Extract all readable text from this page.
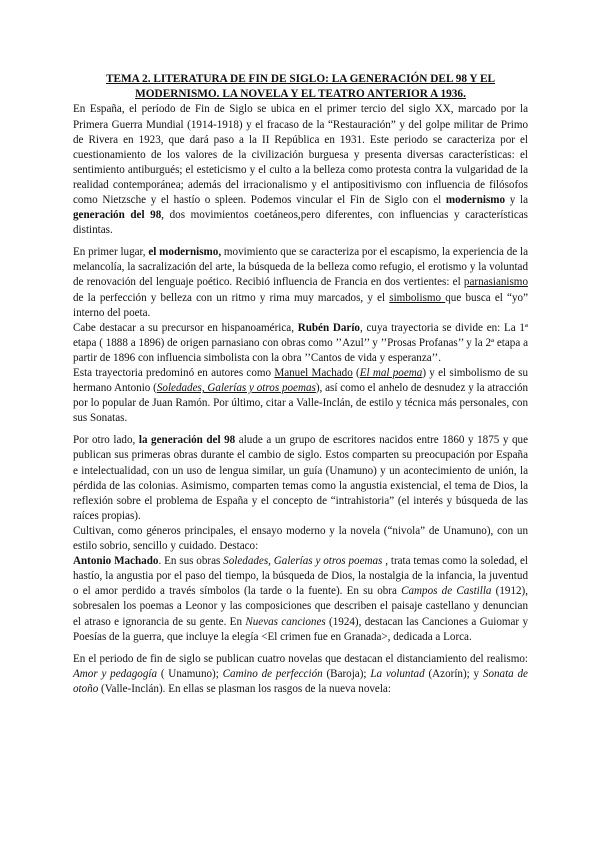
TEMA 2. LITERATURA DE FIN DE SIGLO: LA GENERACIÓN DEL 98 Y EL
MODERNISMO. LA NOVELA Y EL TEATRO ANTERIOR A 1936.

En España, el período de Fin de Siglo se ubica en el primer tercio del siglo XX, marcado por la Primera Guerra Mundial (1914-1918) y el fracaso de la “Restauración” y del golpe militar de Primo de Rivera en 1923, que dará paso a la II República en 1931. Este periodo se caracteriza por el cuestionamiento de los valores de la civilización burguesa y presenta diversas características: el sentimiento antiburgués; el esteticismo y el culto a la belleza como protesta contra la vulgaridad de la realidad contemporánea; además del irracionalismo y el antipositivismo con influencia de filósofos como Nietzsche y el hastío o spleen. Podemos vincular el Fin de Siglo con el modernismo y la generación del 98, dos movimientos coetáneos,pero diferentes, con influencias y características distintas.

En primer lugar, el modernismo, movimiento que se caracteriza por el escapismo, la experiencia de la melancolía, la sacralización del arte, la búsqueda de la belleza como refugio, el erotismo y la voluntad de renovación del lenguaje poético. Recibió influencia de Francia en dos vertientes: el parnasianismo de la perfección y belleza con un ritmo y rima muy marcados, y el simbolismo que busca el “yo” interno del poeta.

Cabe destacar a su precursor en hispanoamérica, Rubén Darío, cuya trayectoria se divide en: La 1ª etapa ( 1888 a 1896) de origen parnasiano con obras como ’’Azul’’ y ’’Prosas Profanas’’ y la 2ª etapa a partir de 1896 con influencia simbolista con la obra ’’Cantos de vida y esperanza’’.

Esta trayectoria predominó en autores como Manuel Machado (El mal poema) y el simbolismo de su hermano Antonio (Soledades, Galerías y otros poemas), así como el anhelo de desnudez y la atracción por lo popular de Juan Ramón. Por último, citar a Valle-Inclán, de estilo y técnica más personales, con sus Sonatas.

Por otro lado, la generación del 98 alude a un grupo de escritores nacidos entre 1860 y 1875 y que publican sus primeras obras durante el cambio de siglo. Estos comparten su preocupación por España e intelectualidad, con un uso de lengua similar, un guía (Unamuno) y un acontecimiento de unión, la pérdida de las colonias. Asimismo, comparten temas como la angustia existencial, el tema de Dios, la reflexión sobre el problema de España y el concepto de “intrahistoria” (el interés y búsqueda de las raíces propias).

Cultivan, como géneros principales, el ensayo moderno y la novela (“nivola” de Unamuno), con un estilo sobrio, sencillo y cuidado. Destaco:

Antonio Machado. En sus obras Soledades, Galerías y otros poemas , trata temas como la soledad, el hastío, la angustia por el paso del tiempo, la búsqueda de Dios, la nostalgia de la infancia, la juventud o el amor perdido a través símbolos (la tarde o la fuente). En su obra Campos de Castilla (1912), sobresalen los poemas a Leonor y las composiciones que describen el paisaje castellano y denuncian el atraso e ignorancia de su gente. En Nuevas canciones (1924), destacan las Canciones a Guiomar y Poesías de la guerra, que incluye la elegía <El crimen fue en Granada>, dedicada a Lorca.

En el periodo de fin de siglo se publican cuatro novelas que destacan el distanciamiento del realismo: Amor y pedagogía ( Unamuno); Camino de perfección (Baroja); La voluntad (Azorín); y Sonata de otoño (Valle-Inclán). En ellas se plasman los rasgos de la nueva novela:
